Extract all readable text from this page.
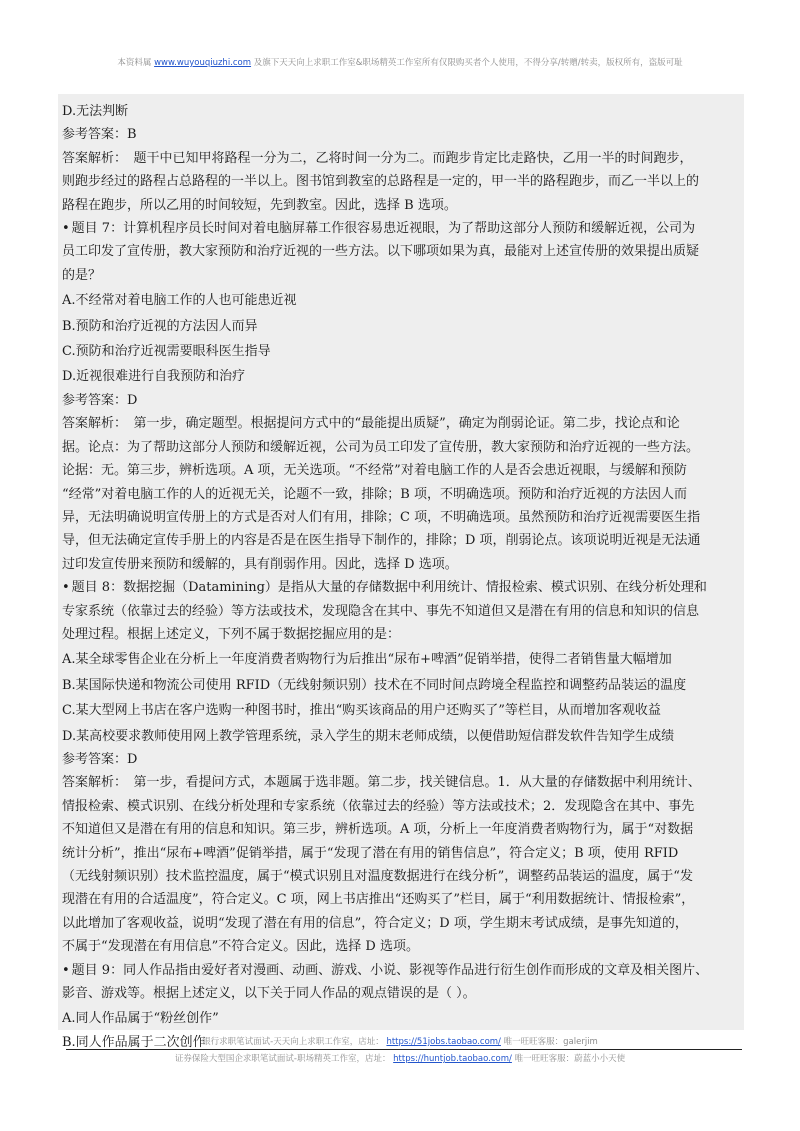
本资料属 www.wuyouqiuzhi.com 及旗下天天向上求职工作室&职场精英工作室所有仅限购买者个人使用，不得分享/转赠/转卖，版权所有，盗版可耻
D.无法判断
参考答案：B
答案解析：　题干中已知甲将路程一分为二，乙将时间一分为二。而跑步肯定比走路快，乙用一半的时间跑步，
则跑步经过的路程占总路程的一半以上。图书馆到教室的总路程是一定的，甲一半的路程跑步，而乙一半以上的
路程在跑步，所以乙用的时间较短，先到教室。因此，选择 B 选项。
• 题目 7：计算机程序员长时间对着电脑屏幕工作很容易患近视眼，为了帮助这部分人预防和缓解近视，公司为
员工印发了宣传册，教大家预防和治疗近视的一些方法。以下哪项如果为真，最能对上述宣传册的效果提出质疑
的是？
A.不经常对着电脑工作的人也可能患近视
B.预防和治疗近视的方法因人而异
C.预防和治疗近视需要眼科医生指导
D.近视很难进行自我预防和治疗
参考答案：D
答案解析：　第一步，确定题型。根据提问方式中的“最能提出质疑”，确定为削弱论证。第二步，找论点和论
据。论点：为了帮助这部分人预防和缓解近视，公司为员工印发了宣传册，教大家预防和治疗近视的一些方法。
论据：无。第三步，辨析选项。A 项，无关选项。“不经常”对着电脑工作的人是否会患近视眼，与缓解和预防
“经常”对着电脑工作的人的近视无关，论题不一致，排除；B 项，不明确选项。预防和治疗近视的方法因人而
异，无法明确说明宣传册上的方式是否对人们有用，排除；C 项，不明确选项。虽然预防和治疗近视需要医生指
导，但无法确定宣传手册上的内容是否是在医生指导下制作的，排除；D 项，削弱论点。该项说明近视是无法通
过印发宣传册来预防和缓解的，具有削弱作用。因此，选择 D 选项。
• 题目 8：数据挖掘（Datamining）是指从大量的存储数据中利用统计、情报检索、模式识别、在线分析处理和
专家系统（依靠过去的经验）等方法或技术，发现隐含在其中、事先不知道但又是潜在有用的信息和知识的信息
处理过程。根据上述定义，下列不属于数据挖掘应用的是：
A.某全球零售企业在分析上一年度消费者购物行为后推出“尿布+啤酒”促销举措，使得二者销售量大幅增加
B.某国际快递和物流公司使用 RFID（无线射频识别）技术在不同时间点跨境全程监控和调整药品装运的温度
C.某大型网上书店在客户选购一种图书时，推出“购买该商品的用户还购买了”等栏目，从而增加客观收益
D.某高校要求教师使用网上教学管理系统，录入学生的期末老师成绩，以便借助短信群发软件告知学生成绩
参考答案：D
答案解析：　第一步，看提问方式，本题属于选非题。第二步，找关键信息。1．从大量的存储数据中利用统计、
情报检索、模式识别、在线分析处理和专家系统（依靠过去的经验）等方法或技术；2．发现隐含在其中、事先
不知道但又是潜在有用的信息和知识。第三步，辨析选项。A 项，分析上一年度消费者购物行为，属于“对数据
统计分析”，推出“尿布+啤酒”促销举措，属于“发现了潜在有用的销售信息”，符合定义；B 项，使用 RFID
（无线射频识别）技术监控温度，属于“模式识别且对温度数据进行在线分析”，调整药品装运的温度，属于“发
现潜在有用的合适温度”，符合定义。C 项，网上书店推出“还购买了”栏目，属于“利用数据统计、情报检索”，
以此增加了客观收益，说明“发现了潜在有用的信息”，符合定义；D 项，学生期末考试成绩，是事先知道的，
不属于“发现潜在有用信息”不符合定义。因此，选择 D 选项。
• 题目 9：同人作品指由爱好者对漫画、动画、游戏、小说、影视等作品进行衍生创作而形成的文章及相关图片、
影音、游戏等。根据上述定义，以下关于同人作品的观点错误的是（ ）。
A.同人作品属于“粉丝创作”
B.同人作品属于二次创作
银行求职笔试面试-天天向上求职工作室，店址： https://51jobs.taobao.com/ 唯一旺旺客服：galerjim
证券保险大型国企求职笔试面试-职场精英工作室，店址： https://huntjob.taobao.com/ 唯一旺旺客服：蔚蓝小小天使
